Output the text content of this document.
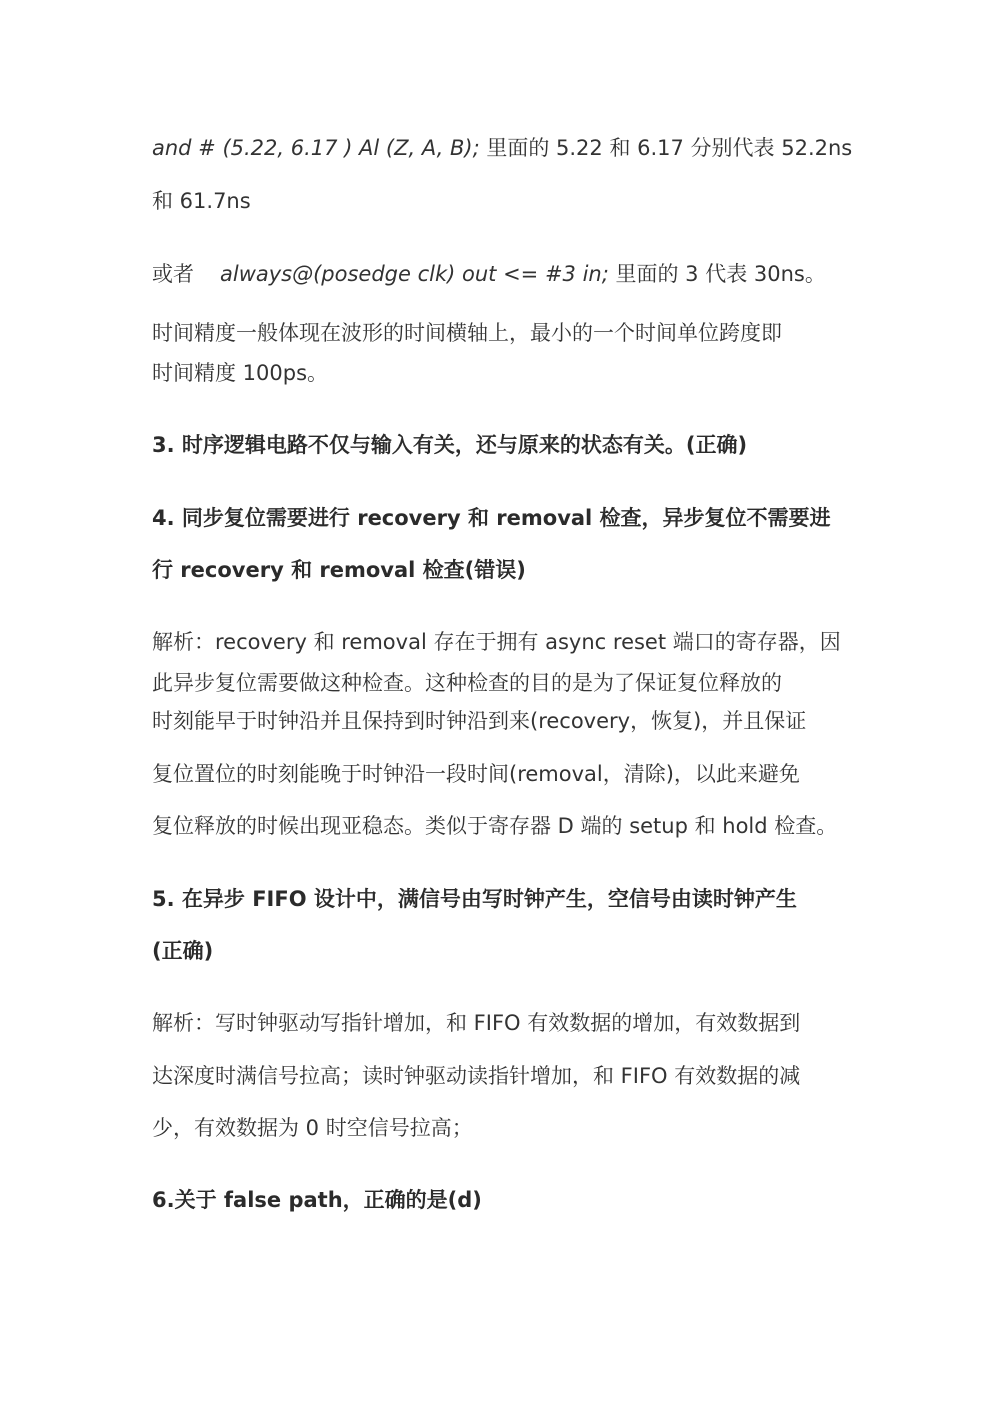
and # (5.22, 6.17 ) Al (Z, A, B); 里面的 5.22 和 6.17 分别代表 52.2ns
和 61.7ns
或者 always@(posedge clk) out <= #3 in; 里面的 3 代表 30ns。
时间精度一般体现在波形的时间横轴上，最小的一个时间单位跨度即
时间精度 100ps。
3. 时序逻辑电路不仅与输入有关，还与原来的状态有关。(正确)
4. 同步复位需要进行 recovery 和 removal 检查，异步复位不需要进
行 recovery 和 removal 检查(错误)
解析：recovery 和 removal 存在于拥有 async reset 端口的寄存器，因
此异步复位需要做这种检查。这种检查的目的是为了保证复位释放的
时刻能早于时钟沿并且保持到时钟沿到来(recovery，恢复)，并且保证
复位置位的时刻能晚于时钟沿一段时间(removal，清除)，以此来避免
复位释放的时候出现亚稳态。类似于寄存器 D 端的 setup 和 hold 检查。
5. 在异步 FIFO 设计中，满信号由写时钟产生，空信号由读时钟产生
(正确)
解析：写时钟驱动写指针增加，和 FIFO 有效数据的增加，有效数据到
达深度时满信号拉高；读时钟驱动读指针增加，和 FIFO 有效数据的减
少，有效数据为 0 时空信号拉高；
6.关于 false path，正确的是(d)
